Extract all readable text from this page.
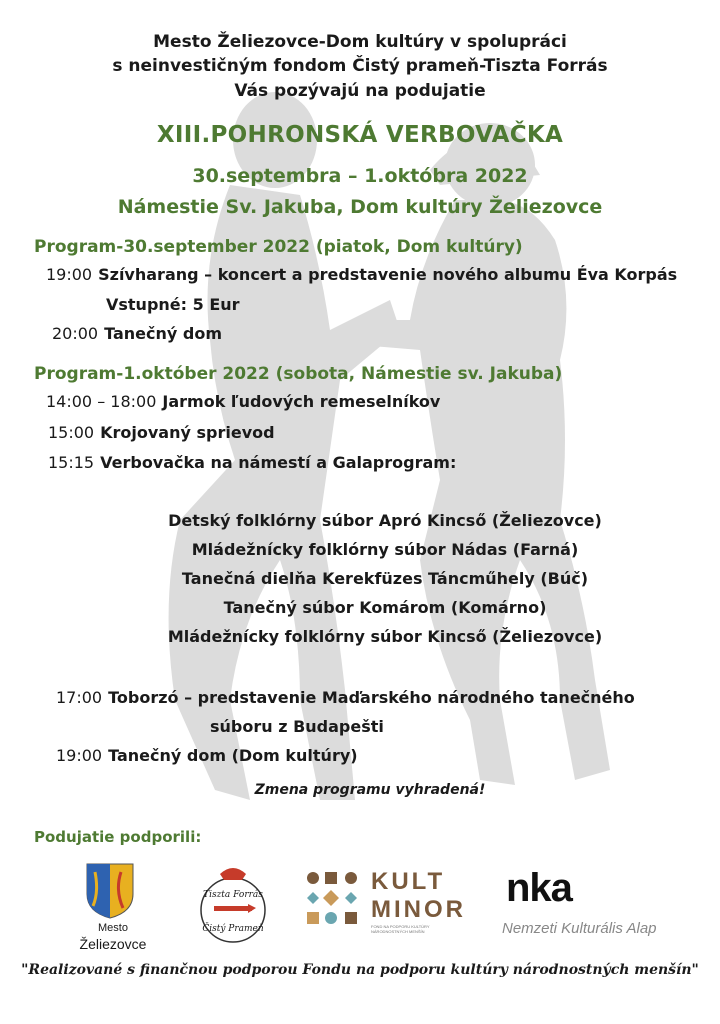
Mesto Želiezovce-Dom kultúry v spolupráci
s neinvestičným fondom Čistý prameň-Tiszta Forrás
Vás pozývajú na podujatie
XIII.POHRONSKÁ VERBOVAČKA
30.septembra – 1.októbra 2022
Námestie Sv. Jakuba, Dom kultúry Želiezovce
Program-30.september 2022 (piatok, Dom kultúry)
19:00 Szívharang – koncert a predstavenie nového albumu Éva Korpás
Vstupné: 5 Eur
20:00 Tanečný dom
Program-1.október 2022 (sobota, Námestie sv. Jakuba)
14:00 – 18:00 Jarmok ľudových remeselníkov
15:00 Krojovaný sprievod
15:15 Verbovačka na námestí a Galaprogram:
Detský folklórny súbor Apró Kincső (Želiezovce)
Mládežnícky folklórny súbor Nádas (Farná)
Tanečná dielňa Kerekfüzes Táncműhely (Búč)
Tanečný súbor Komárom (Komárno)
Mládežnícky folklórny súbor Kincső (Želiezovce)
17:00 Toborzó – predstavenie Maďarského národného tanečného
súboru z Budapešti
19:00 Tanečný dom (Dom kultúry)
Zmena programu vyhradená!
Podujatie podporili:
Mesto
Želiezovce
Tiszta Forrás
Čistý Prameň
KULT
MINOR
FOND NA PODPORU KULTÚRY NÁRODNOSTNÝCH MENŠÍN
nka
Nemzeti Kulturális Alap
"Realizované s finančnou podporou Fondu na podporu kultúry národnostných menšín"
